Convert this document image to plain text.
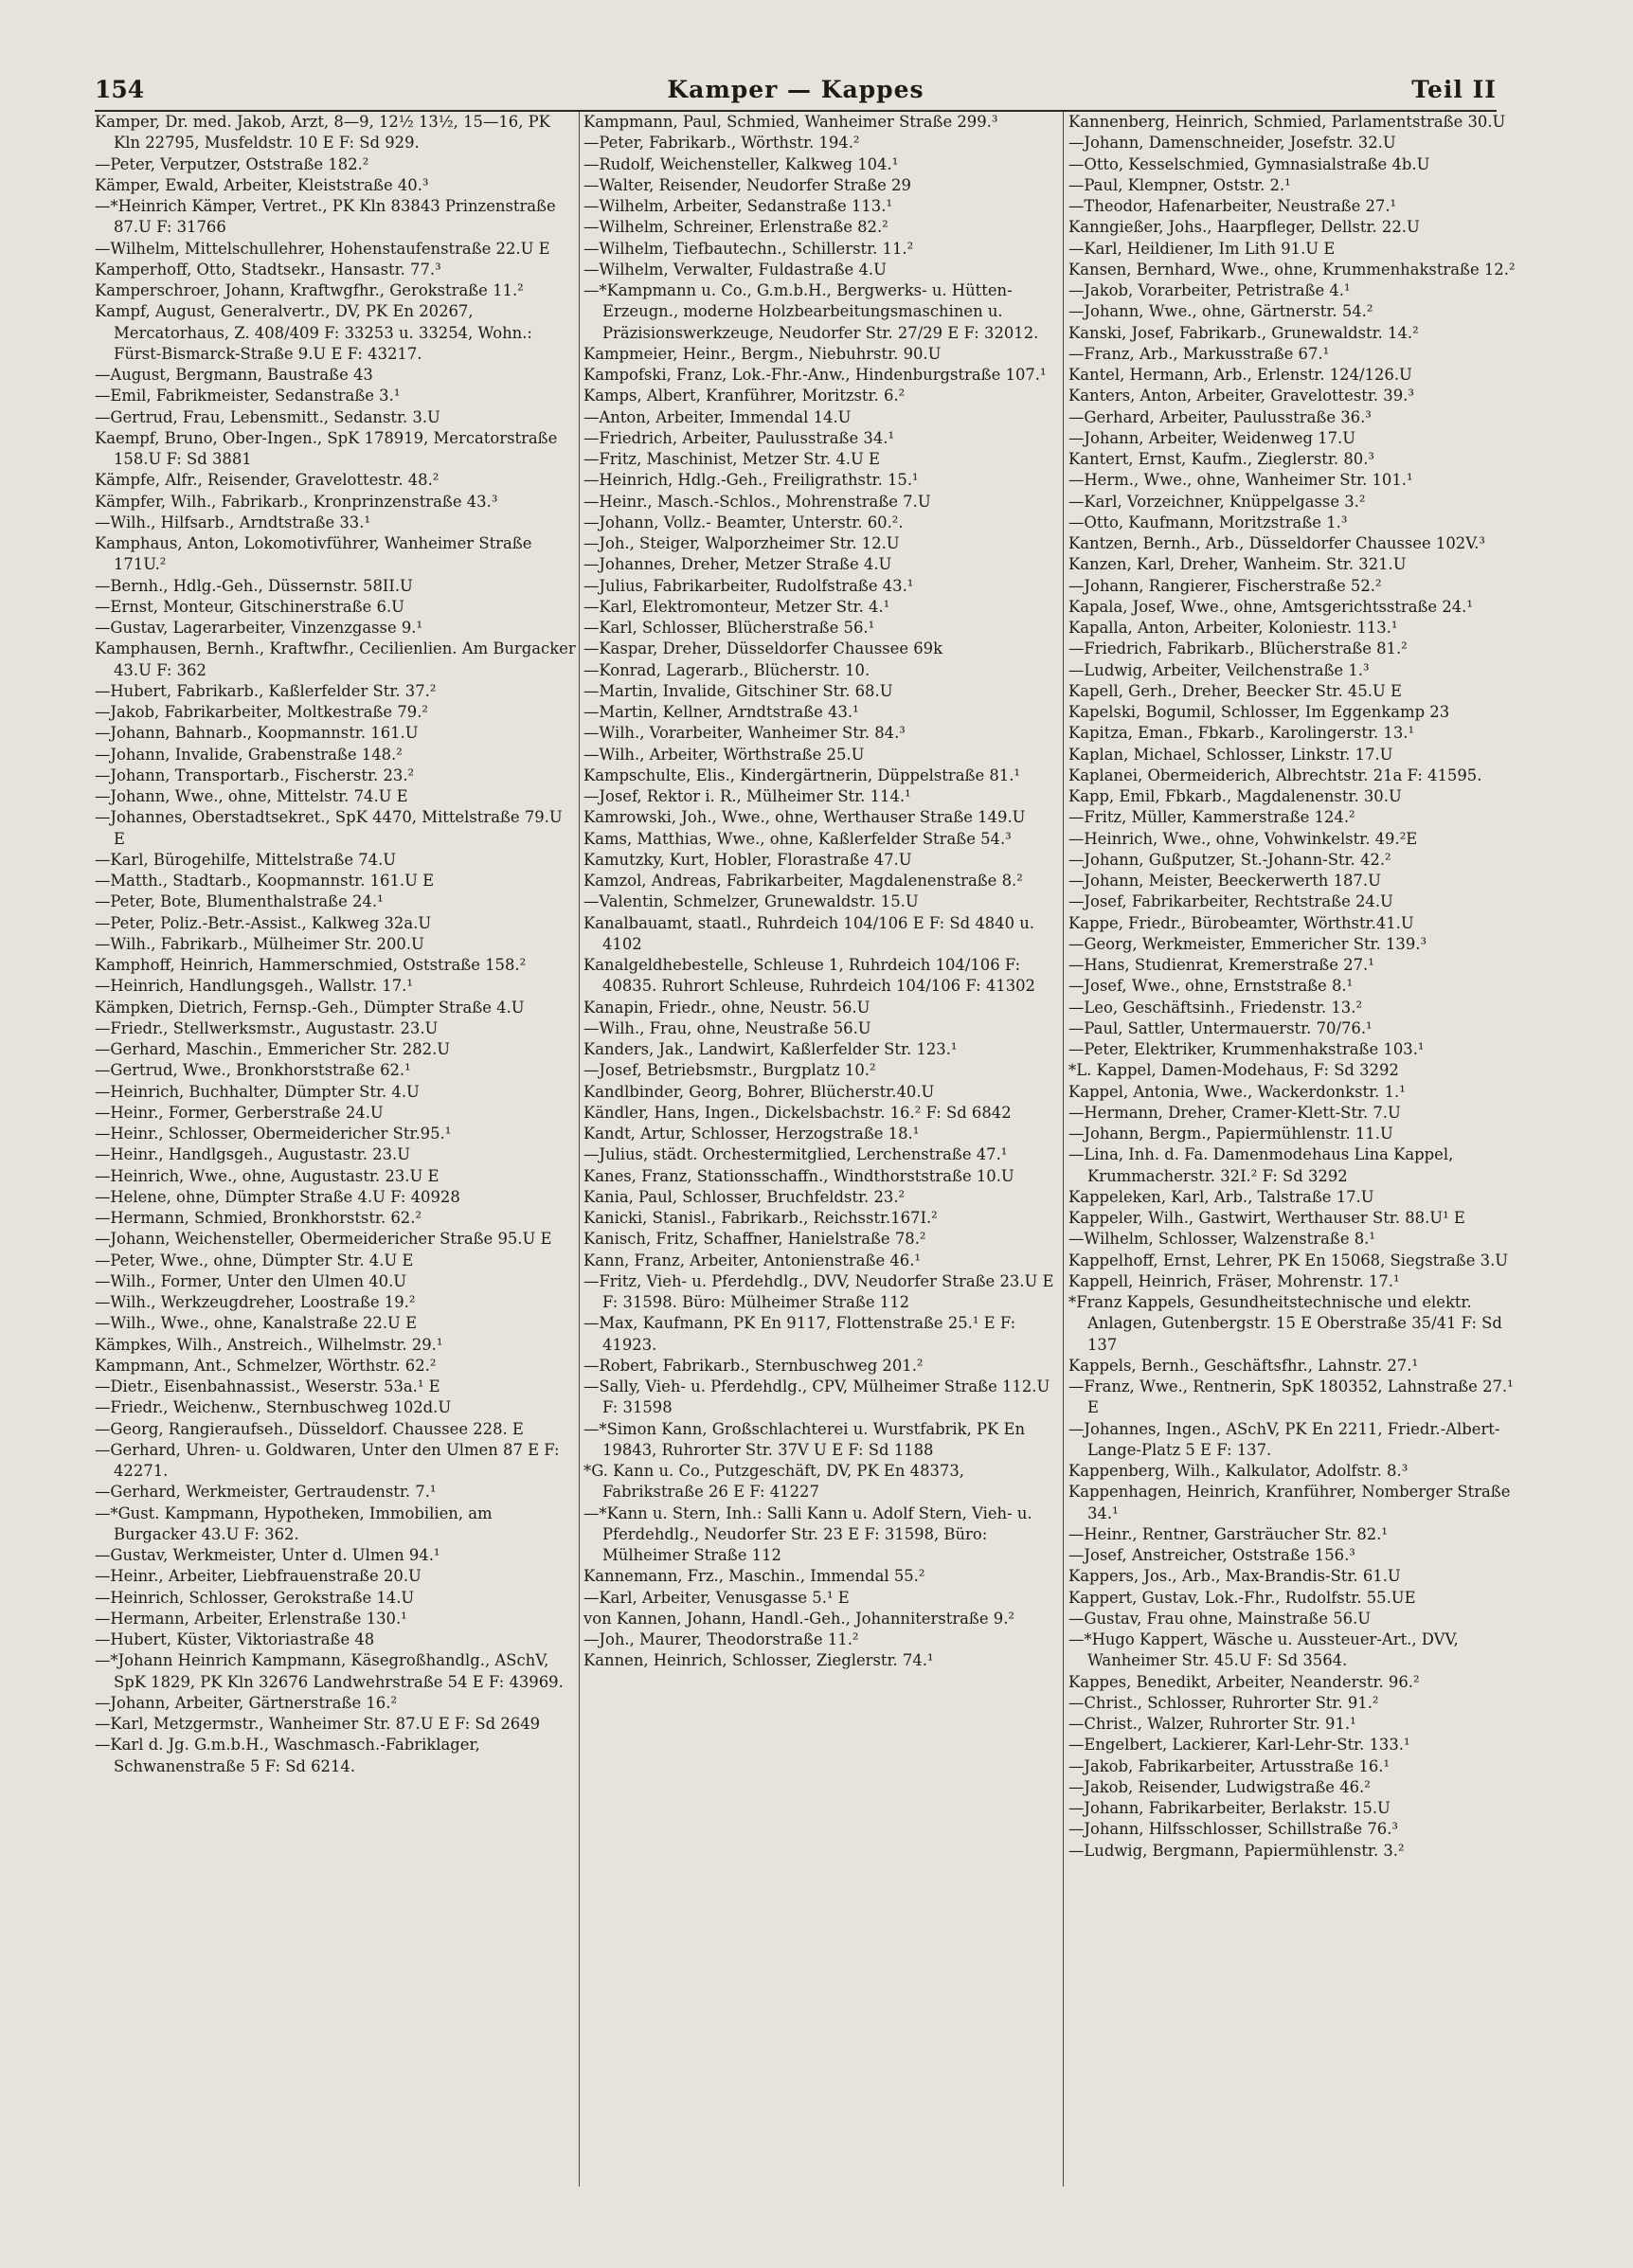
154	Kamper — Kappes	Teil II

Kamper, Dr. med. Jakob, Arzt, 8—9, 12½ 13½, 15—16, PK Kln 22795, Musfeldstr. 10 E F: Sd 929.

—Peter, Verputzer, Oststraße 182.²

Kämper, Ewald, Arbeiter, Kleiststraße 40.³

—*Heinrich Kämper, Vertret., PK Kln 83843 Prinzenstraße 87.U F: 31766

—Wilhelm, Mittelschullehrer, Hohenstaufenstraße 22.U E

Kamperhoff, Otto, Stadtsekr., Hansastr. 77.³

Kamperschroer, Johann, Kraftwgfhr., Gerokstraße 11.²

Kampf, August, Generalvertr., DV, PK En 20267, Mercatorhaus, Z. 408/409 F: 33253 u. 33254, Wohn.: Fürst-Bismarck-Straße 9.U E F: 43217.

—August, Bergmann, Baustraße 43

—Emil, Fabrikmeister, Sedanstraße 3.¹

—Gertrud, Frau, Lebensmitt., Sedanstr. 3.U

Kaempf, Bruno, Ober-Ingen., SpK 178919, Mercatorstraße 158.U F: Sd 3881

Kämpfe, Alfr., Reisender, Gravelottestr. 48.²

Kämpfer, Wilh., Fabrikarb., Kronprinzenstraße 43.³

—Wilh., Hilfsarb., Arndtstraße 33.¹

Kamphaus, Anton, Lokomotivführer, Wanheimer Straße 171U.²

—Bernh., Hdlg.-Geh., Düssernstr. 58II.U

—Ernst, Monteur, Gitschinerstraße 6.U

—Gustav, Lagerarbeiter, Vinzenzgasse 9.¹

Kamphausen, Bernh., Kraftwfhr., Cecilienlien. Am Burgacker 43.U F: 362

—Hubert, Fabrikarb., Kaßlerfelder Str. 37.²

—Jakob, Fabrikarbeiter, Moltkestraße 79.²

—Johann, Bahnarb., Koopmannstr. 161.U

—Johann, Invalide, Grabenstraße 148.²

—Johann, Transportarb., Fischerstr. 23.²

—Johann, Wwe., ohne, Mittelstr. 74.U E

—Johannes, Oberstadtsekret., SpK 4470, Mittelstraße 79.U E

—Karl, Bürogehilfe, Mittelstraße 74.U

—Matth., Stadtarb., Koopmannstr. 161.U E

—Peter, Bote, Blumenthalstraße 24.¹

—Peter, Poliz.-Betr.-Assist., Kalkweg 32a.U

—Wilh., Fabrikarb., Mülheimer Str. 200.U

Kamphoff, Heinrich, Hammerschmied, Oststraße 158.²

—Heinrich, Handlungsgeh., Wallstr. 17.¹

Kämpken, Dietrich, Fernsp.-Geh., Dümpter Straße 4.U

—Friedr., Stellwerksmstr., Augustastr. 23.U

—Gerhard, Maschin., Emmericher Str. 282.U

—Gertrud, Wwe., Bronkhorststraße 62.¹

—Heinrich, Buchhalter, Dümpter Str. 4.U

—Heinr., Former, Gerberstraße 24.U

—Heinr., Schlosser, Obermeidericher Str.95.¹

—Heinr., Handlgsgeh., Augustastr. 23.U

—Heinrich, Wwe., ohne, Augustastr. 23.U E

—Helene, ohne, Dümpter Straße 4.U F: 40928

—Hermann, Schmied, Bronkhorststr. 62.²

—Johann, Weichensteller, Obermeidericher Straße 95.U E

—Peter, Wwe., ohne, Dümpter Str. 4.U E

—Wilh., Former, Unter den Ulmen 40.U

—Wilh., Werkzeugdreher, Loostraße 19.²

—Wilh., Wwe., ohne, Kanalstraße 22.U E

Kämpkes, Wilh., Anstreich., Wilhelmstr. 29.¹

Kampmann, Ant., Schmelzer, Wörthstr. 62.²

—Dietr., Eisenbahnassist., Weserstr. 53a.¹ E

—Friedr., Weichenw., Sternbuschweg 102d.U

—Georg, Rangieraufseh., Düsseldorf. Chaussee 228. E

—Gerhard, Uhren- u. Goldwaren, Unter den Ulmen 87 E F: 42271.

—Gerhard, Werkmeister, Gertraudenstr. 7.¹

—*Gust. Kampmann, Hypotheken, Immobilien, am Burgacker 43.U F: 362.

—Gustav, Werkmeister, Unter d. Ulmen 94.¹

—Heinr., Arbeiter, Liebfrauenstraße 20.U

—Heinrich, Schlosser, Gerokstraße 14.U

—Hermann, Arbeiter, Erlenstraße 130.¹

—Hubert, Küster, Viktoriastraße 48

—*Johann Heinrich Kampmann, Käsegroßhandlg., ASchV, SpK 1829, PK Kln 32676 Landwehrstraße 54 E F: 43969.

—Johann, Arbeiter, Gärtnerstraße 16.²

—Karl, Metzgermstr., Wanheimer Str. 87.U E F: Sd 2649

—Karl d. Jg. G.m.b.H., Waschmasch.-Fabriklager, Schwanenstraße 5 F: Sd 6214.

Kampmann, Paul, Schmied, Wanheimer Straße 299.³

—Peter, Fabrikarb., Wörthstr. 194.²

—Rudolf, Weichensteller, Kalkweg 104.¹

—Walter, Reisender, Neudorfer Straße 29

—Wilhelm, Arbeiter, Sedanstraße 113.¹

—Wilhelm, Schreiner, Erlenstraße 82.²

—Wilhelm, Tiefbautechn., Schillerstr. 11.²

—Wilhelm, Verwalter, Fuldastraße 4.U

—*Kampmann u. Co., G.m.b.H., Bergwerks- u. Hütten-Erzeugn., moderne Holzbearbeitungsmaschinen u. Präzisionswerkzeuge, Neudorfer Str. 27/29 E F: 32012.

Kampmeier, Heinr., Bergm., Niebuhrstr. 90.U

Kampofski, Franz, Lok.-Fhr.-Anw., Hindenburgstraße 107.¹

Kamps, Albert, Kranführer, Moritzstr. 6.²

—Anton, Arbeiter, Immendal 14.U

—Friedrich, Arbeiter, Paulusstraße 34.¹

—Fritz, Maschinist, Metzer Str. 4.U E

—Heinrich, Hdlg.-Geh., Freiligrathstr. 15.¹

—Heinr., Masch.-Schlos., Mohrenstraße 7.U

—Johann, Vollz.- Beamter, Unterstr. 60.².

—Joh., Steiger, Walporzheimer Str. 12.U

—Johannes, Dreher, Metzer Straße 4.U

—Julius, Fabrikarbeiter, Rudolfstraße 43.¹

—Karl, Elektromonteur, Metzer Str. 4.¹

—Karl, Schlosser, Blücherstraße 56.¹

—Kaspar, Dreher, Düsseldorfer Chaussee 69k

—Konrad, Lagerarb., Blücherstr. 10.

—Martin, Invalide, Gitschiner Str. 68.U

—Martin, Kellner, Arndtstraße 43.¹

—Wilh., Vorarbeiter, Wanheimer Str. 84.³

—Wilh., Arbeiter, Wörthstraße 25.U

Kampschulte, Elis., Kindergärtnerin, Düppelstraße 81.¹

—Josef, Rektor i. R., Mülheimer Str. 114.¹

Kamrowski, Joh., Wwe., ohne, Werthauser Straße 149.U

Kams, Matthias, Wwe., ohne, Kaßlerfelder Straße 54.³

Kamutzky, Kurt, Hobler, Florastraße 47.U

Kamzol, Andreas, Fabrikarbeiter, Magdalenenstraße 8.²

—Valentin, Schmelzer, Grunewaldstr. 15.U

Kanalbauamt, staatl., Ruhrdeich 104/106 E F: Sd 4840 u. 4102

Kanalgeldhebestelle, Schleuse 1, Ruhrdeich 104/106 F: 40835. Ruhrort Schleuse, Ruhrdeich 104/106 F: 41302

Kanapin, Friedr., ohne, Neustr. 56.U

—Wilh., Frau, ohne, Neustraße 56.U

Kanders, Jak., Landwirt, Kaßlerfelder Str. 123.¹

—Josef, Betriebsmstr., Burgplatz 10.²

Kandlbinder, Georg, Bohrer, Blücherstr.40.U

Kändler, Hans, Ingen., Dickelsbachstr. 16.² F: Sd 6842

Kandt, Artur, Schlosser, Herzogstraße 18.¹

—Julius, städt. Orchestermitglied, Lerchenstraße 47.¹

Kanes, Franz, Stationsschaffn., Windthorststraße 10.U

Kania, Paul, Schlosser, Bruchfeldstr. 23.²

Kanicki, Stanisl., Fabrikarb., Reichsstr.167I.²

Kanisch, Fritz, Schaffner, Hanielstraße 78.²

Kann, Franz, Arbeiter, Antonienstraße 46.¹

—Fritz, Vieh- u. Pferdehdlg., DVV, Neudorfer Straße 23.U E F: 31598. Büro: Mülheimer Straße 112

—Max, Kaufmann, PK En 9117, Flottenstraße 25.¹ E F: 41923.

—Robert, Fabrikarb., Sternbuschweg 201.²

—Sally, Vieh- u. Pferdehdlg., CPV, Mülheimer Straße 112.U F: 31598

—*Simon Kann, Großschlachterei u. Wurstfabrik, PK En 19843, Ruhrorter Str. 37V U E F: Sd 1188

*G. Kann u. Co., Putzgeschäft, DV, PK En 48373, Fabrikstraße 26 E F: 41227

—*Kann u. Stern, Inh.: Salli Kann u. Adolf Stern, Vieh- u. Pferdehdlg., Neudorfer Str. 23 E F: 31598, Büro: Mülheimer Straße 112

Kannemann, Frz., Maschin., Immendal 55.²

—Karl, Arbeiter, Venusgasse 5.¹ E

von Kannen, Johann, Handl.-Geh., Johanniterstraße 9.²

—Joh., Maurer, Theodorstraße 11.²

Kannen, Heinrich, Schlosser, Zieglerstr. 74.¹

Kannenberg, Heinrich, Schmied, Parlamentstraße 30.U

—Johann, Damenschneider, Josefstr. 32.U

—Otto, Kesselschmied, Gymnasialstraße 4b.U

—Paul, Klempner, Oststr. 2.¹

—Theodor, Hafenarbeiter, Neustraße 27.¹

Kanngießer, Johs., Haarpfleger, Dellstr. 22.U

—Karl, Heildiener, Im Lith 91.U E

Kansen, Bernhard, Wwe., ohne, Krummenhakstraße 12.²

—Jakob, Vorarbeiter, Petristraße 4.¹

—Johann, Wwe., ohne, Gärtnerstr. 54.²

Kanski, Josef, Fabrikarb., Grunewaldstr. 14.²

—Franz, Arb., Markusstraße 67.¹

Kantel, Hermann, Arb., Erlenstr. 124/126.U

Kanters, Anton, Arbeiter, Gravelottestr. 39.³

—Gerhard, Arbeiter, Paulusstraße 36.³

—Johann, Arbeiter, Weidenweg 17.U

Kantert, Ernst, Kaufm., Zieglerstr. 80.³

—Herm., Wwe., ohne, Wanheimer Str. 101.¹

—Karl, Vorzeichner, Knüppelgasse 3.²

—Otto, Kaufmann, Moritzstraße 1.³

Kantzen, Bernh., Arb., Düsseldorfer Chaussee 102V.³

Kanzen, Karl, Dreher, Wanheim. Str. 321.U

—Johann, Rangierer, Fischerstraße 52.²

Kapala, Josef, Wwe., ohne, Amtsgerichtsstraße 24.¹

Kapalla, Anton, Arbeiter, Koloniestr. 113.¹

—Friedrich, Fabrikarb., Blücherstraße 81.²

—Ludwig, Arbeiter, Veilchenstraße 1.³

Kapell, Gerh., Dreher, Beecker Str. 45.U E

Kapelski, Bogumil, Schlosser, Im Eggenkamp 23

Kapitza, Eman., Fbkarb., Karolingerstr. 13.¹

Kaplan, Michael, Schlosser, Linkstr. 17.U

Kaplanei, Obermeiderich, Albrechtstr. 21a F: 41595.

Kapp, Emil, Fbkarb., Magdalenenstr. 30.U

—Fritz, Müller, Kammerstraße 124.²

—Heinrich, Wwe., ohne, Vohwinkelstr. 49.²E

—Johann, Gußputzer, St.-Johann-Str. 42.²

—Johann, Meister, Beeckerwerth 187.U

—Josef, Fabrikarbeiter, Rechtstraße 24.U

Kappe, Friedr., Bürobeamter, Wörthstr.41.U

—Georg, Werkmeister, Emmericher Str. 139.³

—Hans, Studienrat, Kremerstraße 27.¹

—Josef, Wwe., ohne, Ernststraße 8.¹

—Leo, Geschäftsinh., Friedenstr. 13.²

—Paul, Sattler, Untermauerstr. 70/76.¹

—Peter, Elektriker, Krummenhakstraße 103.¹

*L. Kappel, Damen-Modehaus, F: Sd 3292

Kappel, Antonia, Wwe., Wackerdonkstr. 1.¹

—Hermann, Dreher, Cramer-Klett-Str. 7.U

—Johann, Bergm., Papiermühlenstr. 11.U

—Lina, Inh. d. Fa. Damenmodehaus Lina Kappel, Krummacherstr. 32I.² F: Sd 3292

Kappeleken, Karl, Arb., Talstraße 17.U

Kappeler, Wilh., Gastwirt, Werthauser Str. 88.U¹ E

—Wilhelm, Schlosser, Walzenstraße 8.¹

Kappelhoff, Ernst, Lehrer, PK En 15068, Siegstraße 3.U

Kappell, Heinrich, Fräser, Mohrenstr. 17.¹

*Franz Kappels, Gesundheitstechnische und elektr. Anlagen, Gutenbergstr. 15 E Oberstraße 35/41 F: Sd 137

Kappels, Bernh., Geschäftsfhr., Lahnstr. 27.¹

—Franz, Wwe., Rentnerin, SpK 180352, Lahnstraße 27.¹ E

—Johannes, Ingen., ASchV, PK En 2211, Friedr.-Albert-Lange-Platz 5 E F: 137.

Kappenberg, Wilh., Kalkulator, Adolfstr. 8.³

Kappenhagen, Heinrich, Kranführer, Nomberger Straße 34.¹

—Heinr., Rentner, Garsträucher Str. 82.¹

—Josef, Anstreicher, Oststraße 156.³

Kappers, Jos., Arb., Max-Brandis-Str. 61.U

Kappert, Gustav, Lok.-Fhr., Rudolfstr. 55.UE

—Gustav, Frau ohne, Mainstraße 56.U

—*Hugo Kappert, Wäsche u. Aussteuer-Art., DVV, Wanheimer Str. 45.U F: Sd 3564.

Kappes, Benedikt, Arbeiter, Neanderstr. 96.²

—Christ., Schlosser, Ruhrorter Str. 91.²

—Christ., Walzer, Ruhrorter Str. 91.¹

—Engelbert, Lackierer, Karl-Lehr-Str. 133.¹

—Jakob, Fabrikarbeiter, Artusstraße 16.¹

—Jakob, Reisender, Ludwigstraße 46.²

—Johann, Fabrikarbeiter, Berlakstr. 15.U

—Johann, Hilfsschlosser, Schillstraße 76.³

—Ludwig, Bergmann, Papiermühlenstr. 3.²
